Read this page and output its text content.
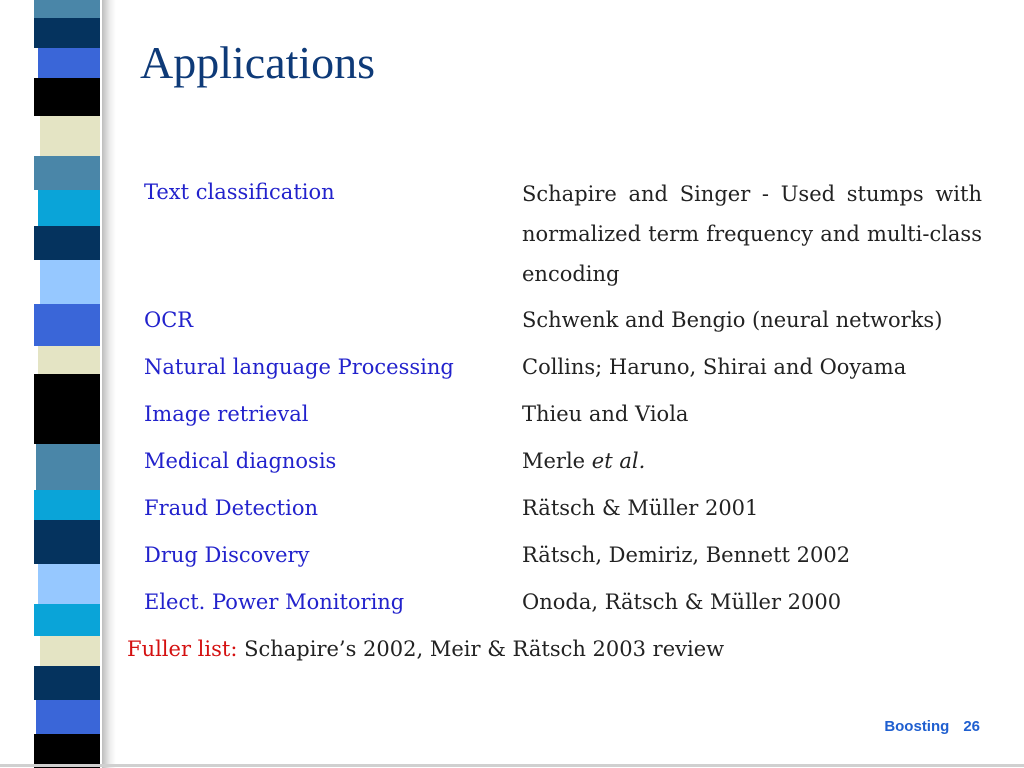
Applications
Text classification	Schapire and Singer - Used stumps with normalized term frequency and multi-class encoding
OCR	Schwenk and Bengio (neural networks)
Natural language Processing	Collins; Haruno, Shirai and Ooyama
Image retrieval	Thieu and Viola
Medical diagnosis	Merle et al.
Fraud Detection	Rätsch & Müller 2001
Drug Discovery	Rätsch, Demiriz, Bennett 2002
Elect. Power Monitoring	Onoda, Rätsch & Müller 2000
Fuller list: Schapire’s 2002, Meir & Rätsch 2003 review
Boosting 26
